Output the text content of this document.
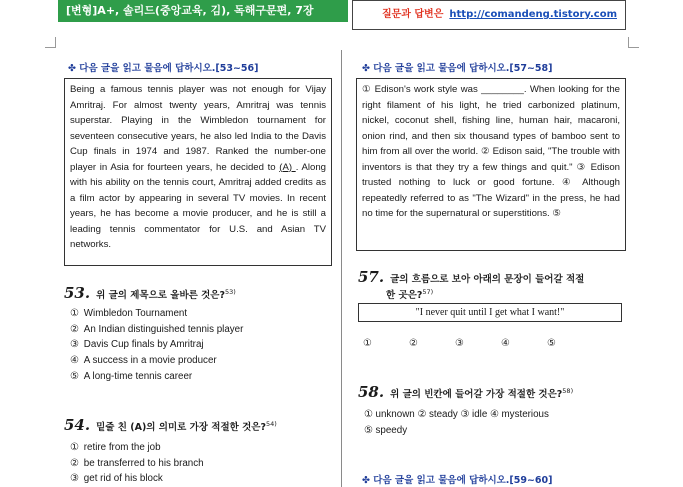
[변형]A+, 솔리드(중앙교육, 김), 독해구문편, 7장	질문과 답변은 http://comandeng.tistory.com
✤ 다음 글을 읽고 물음에 답하시오.[53~56]
Being a famous tennis player was not enough for Vijay Amritraj. For almost twenty years, Amritraj was tennis superstar. Playing in the Wimbledon tournament for seventeen consecutive years, he also led India to the Davis Cup finals in 1974 and 1987. Ranked the number-one player in Asia for fourteen years, he decided to (A) . Along with his ability on the tennis court, Amritraj added credits as a film actor by appearing in several TV movies. In recent years, he has become a movie producer, and he is still a leading tennis commentator for U.S. and Asian TV networks.
53. 위 글의 제목으로 올바른 것은?$^{53)}$
① Wimbledon Tournament
② An Indian distinguished tennis player
③ Davis Cup finals by Amritraj
④ A success in a movie producer
⑤ A long-time tennis career
54. 밑줄 친 (A)의 의미로 가장 적절한 것은?$^{54)}$
① retire from the job
② be transferred to his branch
③ get rid of his block
✤ 다음 글을 읽고 물음에 답하시오.[57~58]
① Edison's work style was ________. When looking for the right filament of his light, he tried carbonized platinum, nickel, coconut shell, fishing line, human hair, macaroni, onion rind, and then six thousand types of bamboo sent to him from all over the world. ② Edison said, "The trouble with inventors is that they try a few things and quit." ③ Edison trusted nothing to luck or good fortune. ④ Although repeatedly referred to as "The Wizard" in the press, he had no time for the supernatural or superstitions. ⑤
57. 글의 흐름으로 보아 아래의 문장이 들어갈 적절
한 곳은?$^{57)}$
"I never quit until I get what I want!"
①	②	③	④	⑤
58. 위 글의 빈칸에 들어갈 가장 적절한 것은?$^{58)}$
① unknown ② steady ③ idle ④ mysterious
⑤ speedy
✤ 다음 글을 읽고 물음에 답하시오.[59~60]
